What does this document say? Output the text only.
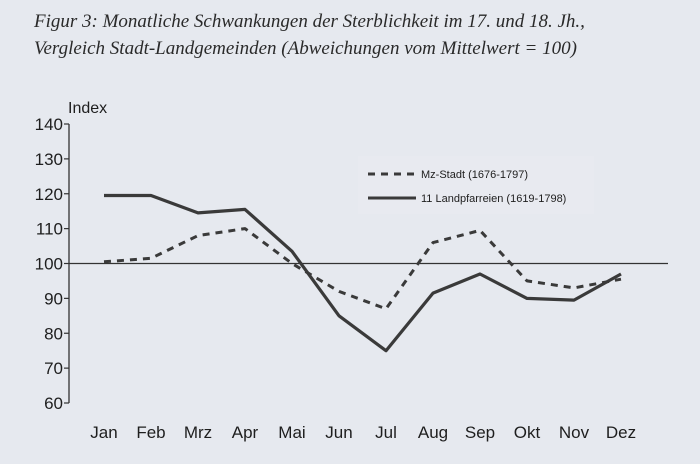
Figur 3: Monatliche Schwankungen der Sterblichkeit im 17. und 18. Jh.,
Vergleich Stadt-Landgemeinden (Abweichungen vom Mittelwert = 100)
60
70
80
90
100
110
120
130
140
Index
Jan Feb Mrz Apr Mai Jun Jul Aug Sep Okt Nov Dez
Mz-Stadt (1676-1797)
11 Landpfarreien (1619-1798)
